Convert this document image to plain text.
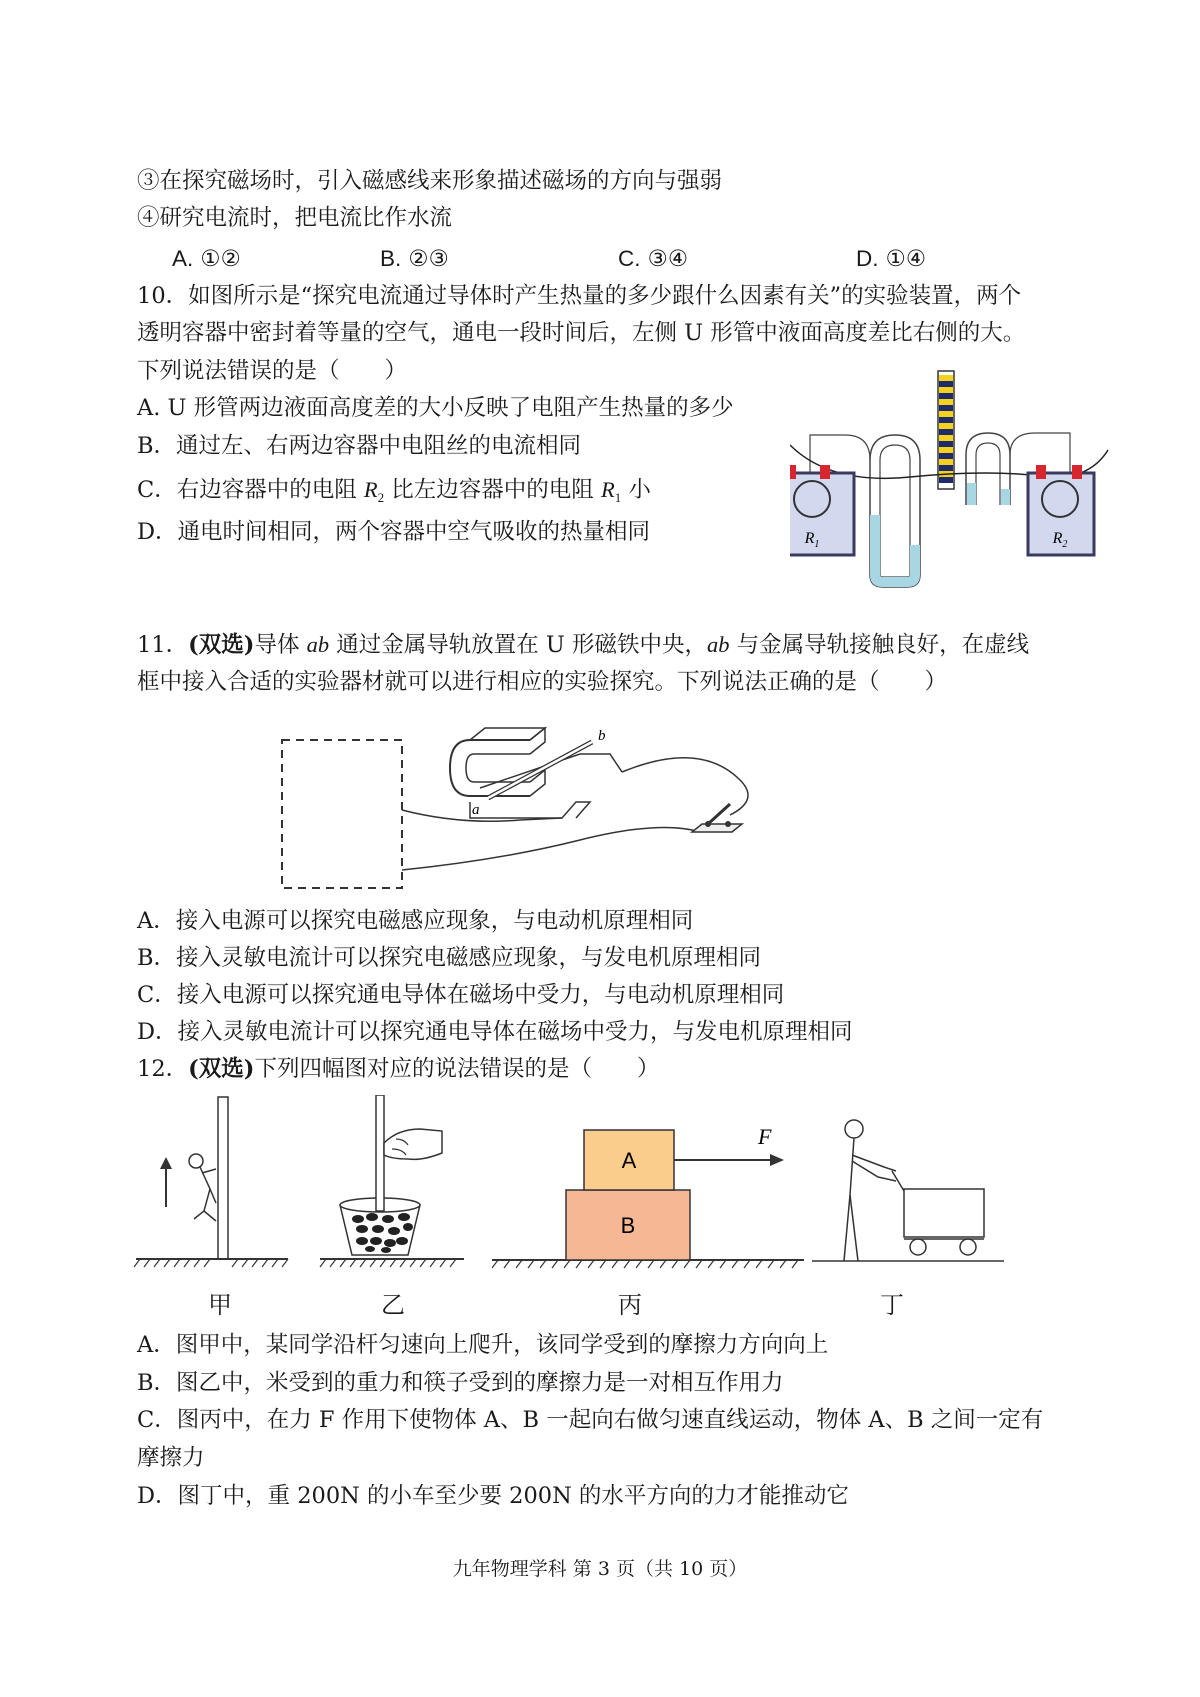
③在探究磁场时，引入磁感线来形象描述磁场的方向与强弱
④研究电流时，把电流比作水流
A. ①②	B. ②③	C. ③④	D. ①④
10．如图所示是“探究电流通过导体时产生热量的多少跟什么因素有关”的实验装置，两个
透明容器中密封着等量的空气，通电一段时间后，左侧 U 形管中液面高度差比右侧的大。
下列说法错误的是（　　）
A. U 形管两边液面高度差的大小反映了电阻产生热量的多少
B．通过左、右两边容器中电阻丝的电流相同
C．右边容器中的电阻 $R_2$ 比左边容器中的电阻 $R_1$ 小
D．通电时间相同，两个容器中空气吸收的热量相同	$R_1$	$R_2$
11．(双选)导体 ab 通过金属导轨放置在 U 形磁铁中央，ab 与金属导轨接触良好，在虚线
框中接入合适的实验器材就可以进行相应的实验探究。下列说法正确的是（　　）
a
b
A．接入电源可以探究电磁感应现象，与电动机原理相同
B．接入灵敏电流计可以探究电磁感应现象，与发电机原理相同
C．接入电源可以探究通电导体在磁场中受力，与电动机原理相同
D．接入灵敏电流计可以探究通电导体在磁场中受力，与发电机原理相同
12．(双选)下列四幅图对应的说法错误的是（　　）
B
A
F
甲	乙	丙	丁
A．图甲中，某同学沿杆匀速向上爬升，该同学受到的摩擦力方向向上
B．图乙中，米受到的重力和筷子受到的摩擦力是一对相互作用力
C．图丙中，在力 F 作用下使物体 A、B 一起向右做匀速直线运动，物体 A、B 之间一定有
摩擦力
D．图丁中，重 200N 的小车至少要 200N 的水平方向的力才能推动它
九年物理学科 第 3 页（共 10 页）
